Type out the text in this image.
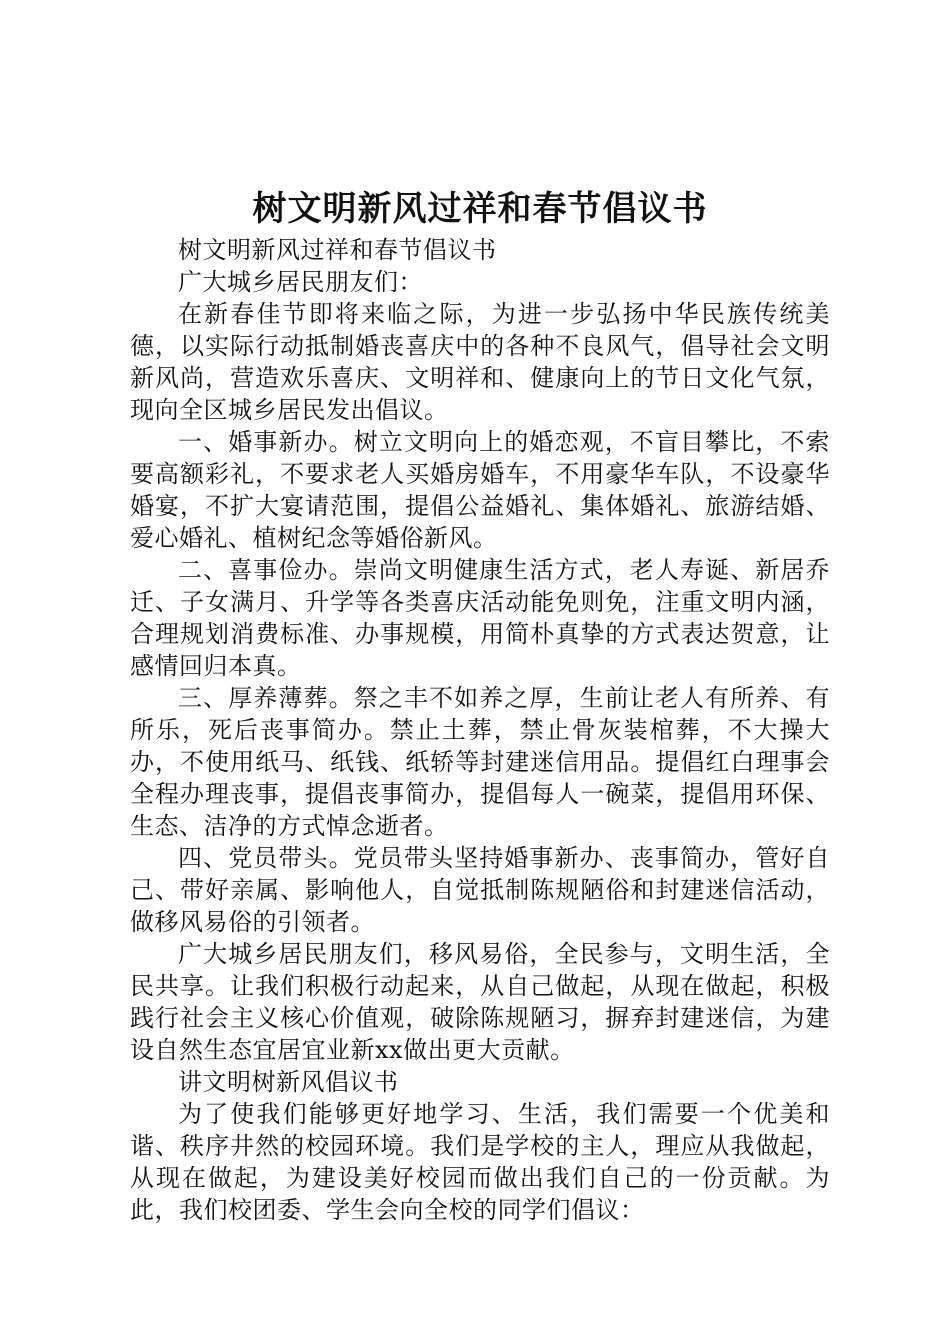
树文明新风过祥和春节倡议书

树文明新风过祥和春节倡议书

广大城乡居民朋友们：

在新春佳节即将来临之际，为进一步弘扬中华民族传统美德，以实际行动抵制婚丧喜庆中的各种不良风气，倡导社会文明新风尚，营造欢乐喜庆、文明祥和、健康向上的节日文化气氛，现向全区城乡居民发出倡议。

一、婚事新办。树立文明向上的婚恋观，不盲目攀比，不索要高额彩礼，不要求老人买婚房婚车，不用豪华车队，不设豪华婚宴，不扩大宴请范围，提倡公益婚礼、集体婚礼、旅游结婚、爱心婚礼、植树纪念等婚俗新风。

二、喜事俭办。崇尚文明健康生活方式，老人寿诞、新居乔迁、子女满月、升学等各类喜庆活动能免则免，注重文明内涵，合理规划消费标准、办事规模，用简朴真挚的方式表达贺意，让感情回归本真。

三、厚养薄葬。祭之丰不如养之厚，生前让老人有所养、有所乐，死后丧事简办。禁止土葬，禁止骨灰装棺葬，不大操大办，不使用纸马、纸钱、纸轿等封建迷信用品。提倡红白理事会全程办理丧事，提倡丧事简办，提倡每人一碗菜，提倡用环保、生态、洁净的方式悼念逝者。

四、党员带头。党员带头坚持婚事新办、丧事简办，管好自己、带好亲属、影响他人，自觉抵制陈规陋俗和封建迷信活动，做移风易俗的引领者。

广大城乡居民朋友们，移风易俗，全民参与，文明生活，全民共享。让我们积极行动起来，从自己做起，从现在做起，积极践行社会主义核心价值观，破除陈规陋习，摒弃封建迷信，为建设自然生态宜居宜业新xx做出更大贡献。

讲文明树新风倡议书

为了使我们能够更好地学习、生活，我们需要一个优美和谐、秩序井然的校园环境。我们是学校的主人，理应从我做起，从现在做起，为建设美好校园而做出我们自己的一份贡献。为此，我们校团委、学生会向全校的同学们倡议：
